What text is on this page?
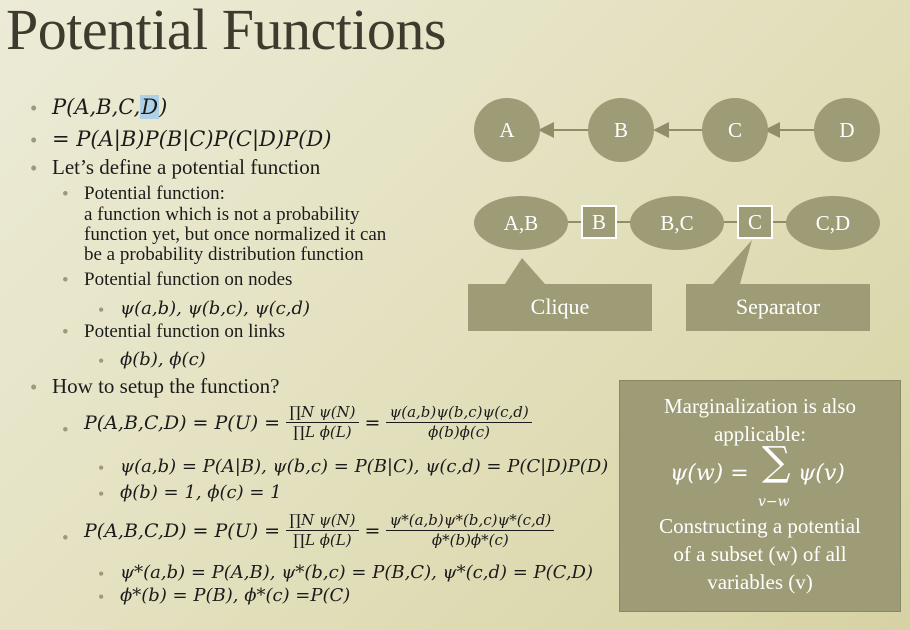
Potential Functions
• P(A,B,C,D)
• = P(A|B)P(B|C)P(C|D)P(D)
• Let’s define a potential function
• Potential function:
a function which is not a probability
function yet, but once normalized it can
be a probability distribution function
• Potential function on nodes
• ψ(a,b), ψ(b,c), ψ(c,d)
• Potential function on links
• ϕ(b), ϕ(c)
• How to setup the function?
• $P(A,B,C,D) = P(U) = \frac{\text{∏N ψ(N)}}{\text{∏L ϕ(L)}} = \frac{\psi(a,b)\psi(b,c)\psi(c,d)}{\phi(b)\phi(c)}$
• ψ(a,b) = P(A|B), ψ(b,c) = P(B|C), ψ(c,d) = P(C|D)P(D)
• ϕ(b) = 1, ϕ(c) = 1
• $P(A,B,C,D) = P(U) = \frac{\text{∏N ψ(N)}}{\text{∏L ϕ(L)}} = \frac{\psi*(a,b)\psi*(b,c)\psi*(c,d)}{\phi*(b)\phi*(c)}$
• ψ*(a,b) = P(A,B), ψ*(b,c) = P(B,C), ψ*(c,d) = P(C,D)
• ϕ*(b) = P(B), ϕ*(c) =P(C)
A	B	C	D
A,B	B	B,C	C	C,D
Clique	Separator
Marginalization is also
applicable:
ψ(w) = ∑ ψ(v)
v−w
Constructing a potential
of a subset (w) of all
variables (v)
